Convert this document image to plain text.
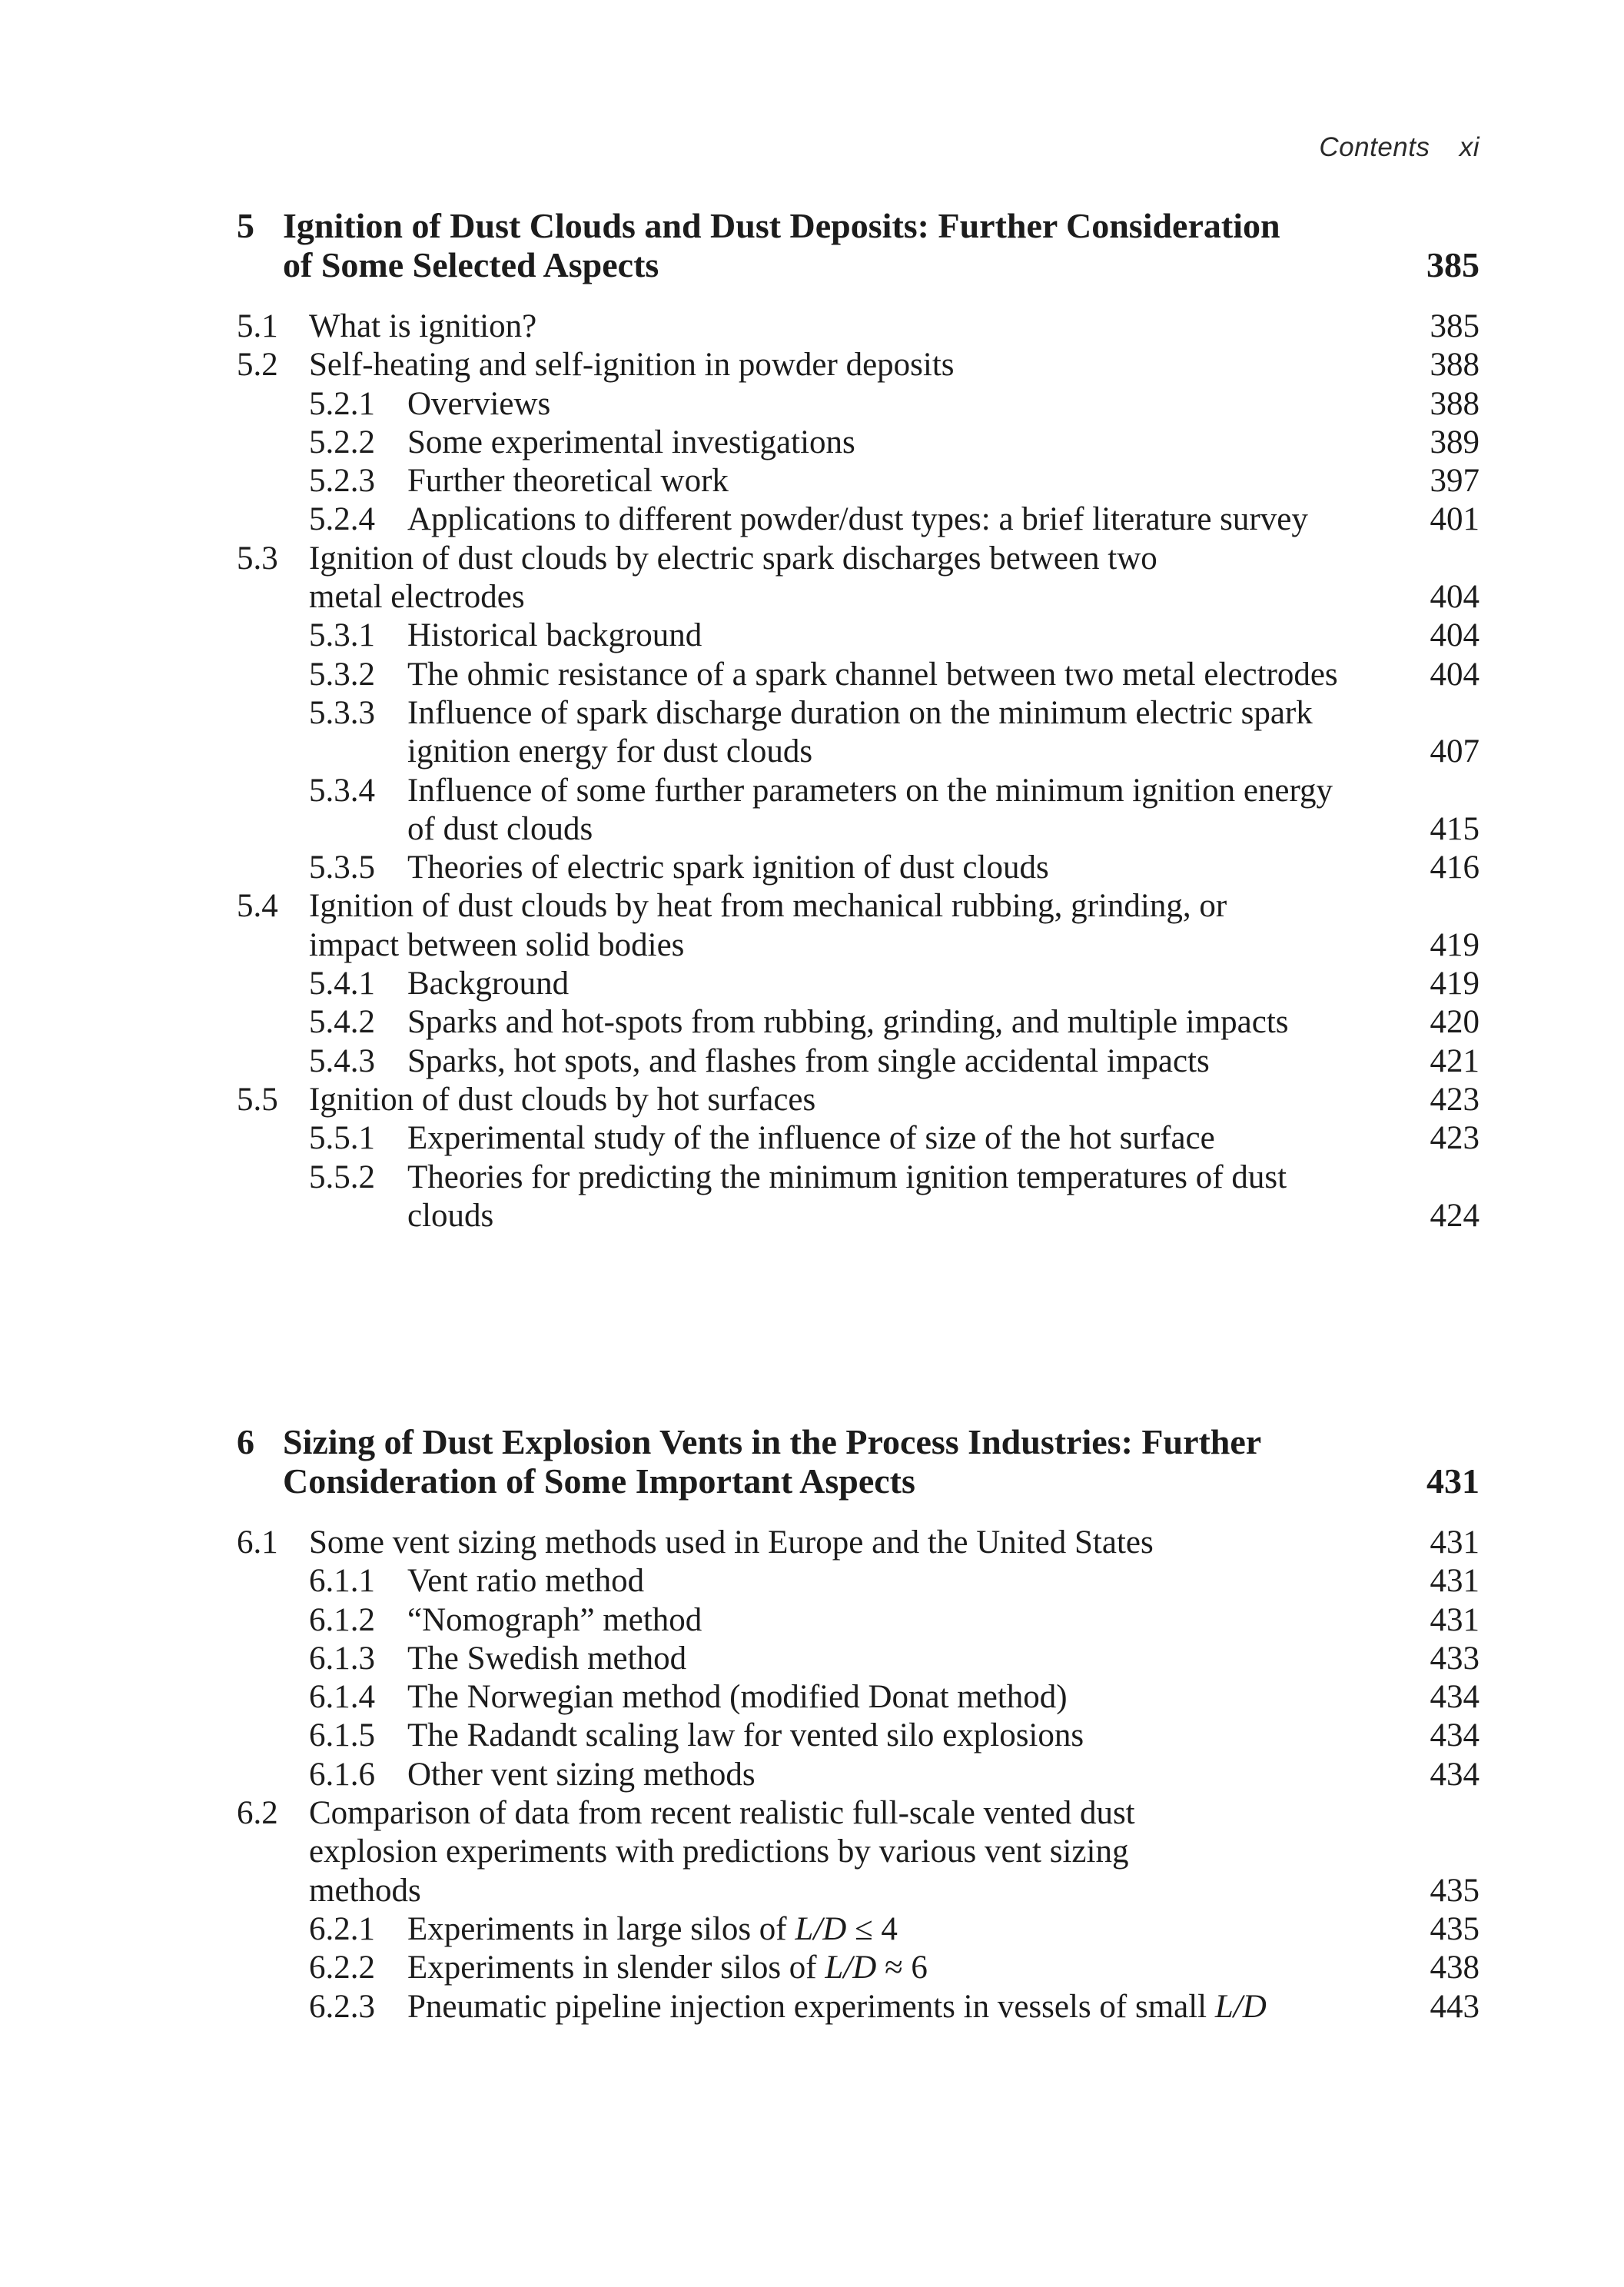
Contents xi
5 Ignition of Dust Clouds and Dust Deposits: Further Consideration of Some Selected Aspects	385
5.1 What is ignition?	385
5.2 Self-heating and self-ignition in powder deposits	388
5.2.1 Overviews	388
5.2.2 Some experimental investigations	389
5.2.3 Further theoretical work	397
5.2.4 Applications to different powder/dust types: a brief literature survey	401
5.3 Ignition of dust clouds by electric spark discharges between two metal electrodes	404
5.3.1 Historical background	404
5.3.2 The ohmic resistance of a spark channel between two metal electrodes	404
5.3.3 Influence of spark discharge duration on the minimum electric spark ignition energy for dust clouds	407
5.3.4 Influence of some further parameters on the minimum ignition energy of dust clouds	415
5.3.5 Theories of electric spark ignition of dust clouds	416
5.4 Ignition of dust clouds by heat from mechanical rubbing, grinding, or impact between solid bodies	419
5.4.1 Background	419
5.4.2 Sparks and hot-spots from rubbing, grinding, and multiple impacts	420
5.4.3 Sparks, hot spots, and flashes from single accidental impacts	421
5.5 Ignition of dust clouds by hot surfaces	423
5.5.1 Experimental study of the influence of size of the hot surface	423
5.5.2 Theories for predicting the minimum ignition temperatures of dust clouds	424
6 Sizing of Dust Explosion Vents in the Process Industries: Further Consideration of Some Important Aspects	431
6.1 Some vent sizing methods used in Europe and the United States	431
6.1.1 Vent ratio method	431
6.1.2 “Nomograph” method	431
6.1.3 The Swedish method	433
6.1.4 The Norwegian method (modified Donat method)	434
6.1.5 The Radandt scaling law for vented silo explosions	434
6.1.6 Other vent sizing methods	434
6.2 Comparison of data from recent realistic full-scale vented dust explosion experiments with predictions by various vent sizing methods	435
6.2.1 Experiments in large silos of L/D ≤ 4	435
6.2.2 Experiments in slender silos of L/D ≈ 6	438
6.2.3 Pneumatic pipeline injection experiments in vessels of small L/D	443
